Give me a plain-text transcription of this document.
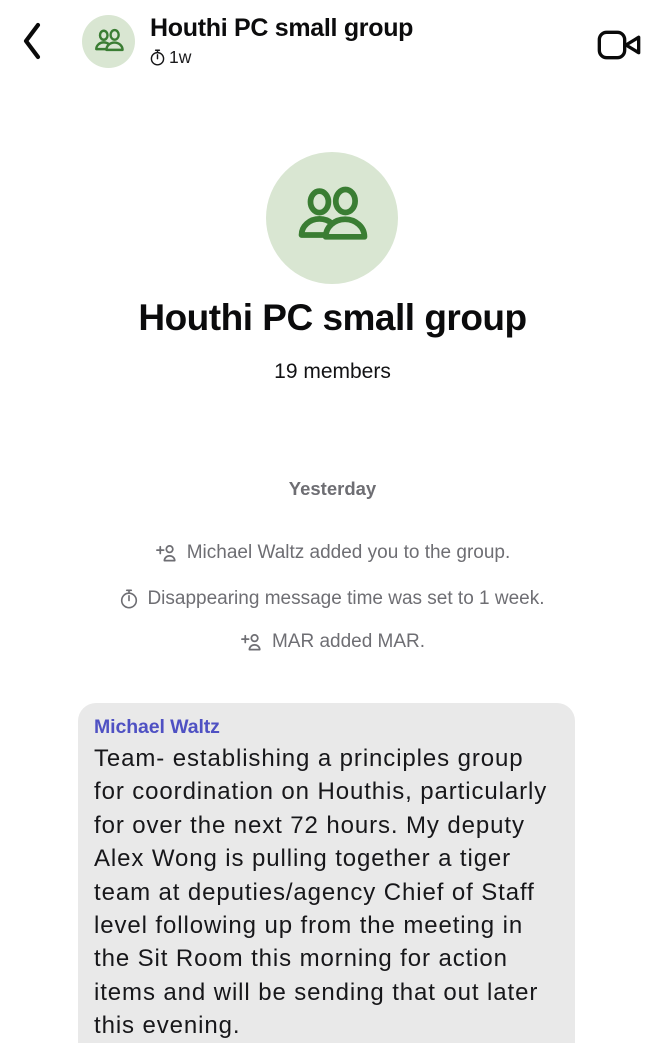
Houthi PC small group
1w
Houthi PC small group
19 members
Yesterday
Michael Waltz added you to the group.
Disappearing message time was set to 1 week.
MAR added MAR.
Michael Waltz
Team- establishing a principles group for coordination on Houthis, particularly for over the next 72 hours. My deputy Alex Wong is pulling together a tiger team at deputies/agency Chief of Staff level following up from the meeting in the Sit Room this morning for action items and will be sending that out later this evening.
